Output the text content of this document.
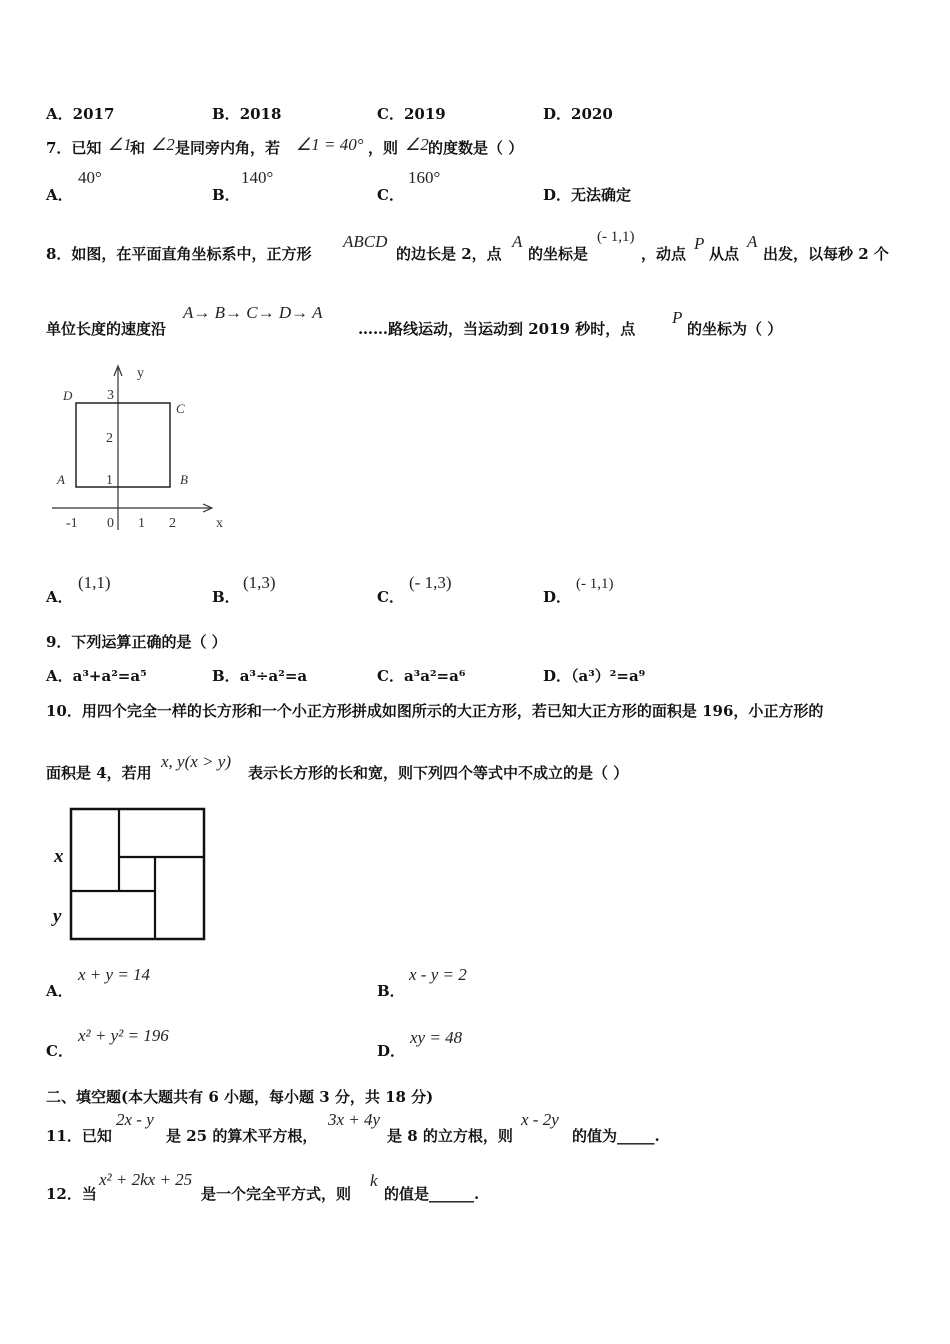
A．2017	B．2018	C．2019	D．2020
7．已知 ∠1
和 ∠2 是同旁内角，若 ∠1 = 40° ，则 ∠2 的度数是（ ）
A．
40°
B．
140°
C．
160°
D．无法确定
8．如图，在平面直角坐标系中，正方形
ABCD
的边长是 2，点
A
的坐标是
(- 1,1)
，动点
P
从点
A
出发，以每秒 2 个
单位长度的速度沿
A→ B→ C→ D→ A
……路线运动，当运动到 2019 秒时，点
P
的坐标为（ ）
y
x
D
C
A	B
3
2
1
-1 0 1 2
A．
(1,1)
B．
(1,3)
C．
(- 1,3)
D．
(- 1,1)
9．下列运算正确的是（ ）
A．a³+a²=a⁵	B．a³÷a²=a	C．a³a²=a⁶	D．（a³）²=a⁹
10．用四个完全一样的长方形和一个小正方形拼成如图所示的大正方形，若已知大正方形的面积是 196，小正方形的
面积是 4，若用
x, y(x > y)
表示长方形的长和宽，则下列四个等式中不成立的是（ ）
x
y
A．
x + y = 14
B．
x - y = 2
C．
x² + y² = 196
D．
xy = 48
二、填空题(本大题共有 6 小题，每小题 3 分，共 18 分)
11．已知
2x - y
是 25 的算术平方根，
3x + 4y
是 8 的立方根，则
x - 2y
的值为_____.
12．当
x² + 2kx + 25
是一个完全平方式，则
k
的值是______.
